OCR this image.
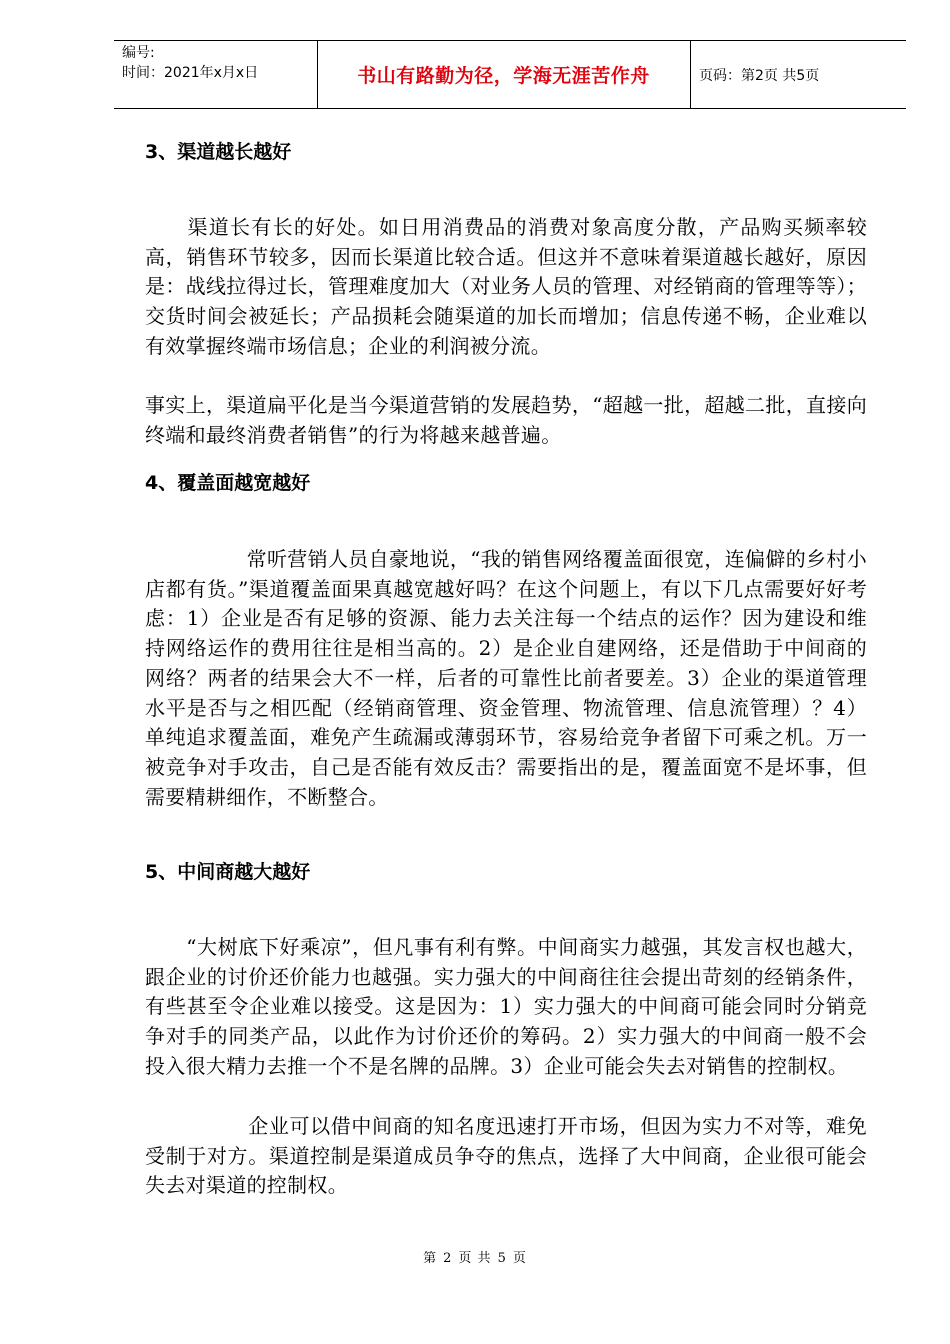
编号:
时间：2021年x月x日	书山有路勤为径，学海无涯苦作舟	页码：第2页 共5页
3、渠道越长越好
　　渠道长有长的好处。如日用消费品的消费对象高度分散，产品购买频率较高，销售环节较多，因而长渠道比较合适。但这并不意味着渠道越长越好，原因是：战线拉得过长，管理难度加大（对业务人员的管理、对经销商的管理等等）；交货时间会被延长；产品损耗会随渠道的加长而增加；信息传递不畅，企业难以有效掌握终端市场信息；企业的利润被分流。
事实上，渠道扁平化是当今渠道营销的发展趋势，“超越一批，超越二批，直接向终端和最终消费者销售”的行为将越来越普遍。
4、覆盖面越宽越好
　　　　　常听营销人员自豪地说，“我的销售网络覆盖面很宽，连偏僻的乡村小店都有货。”渠道覆盖面果真越宽越好吗？在这个问题上，有以下几点需要好好考虑：1）企业是否有足够的资源、能力去关注每一个结点的运作？因为建设和维持网络运作的费用往往是相当高的。2）是企业自建网络，还是借助于中间商的网络？两者的结果会大不一样，后者的可靠性比前者要差。3）企业的渠道管理水平是否与之相匹配（经销商管理、资金管理、物流管理、信息流管理）？4）单纯追求覆盖面，难免产生疏漏或薄弱环节，容易给竞争者留下可乘之机。万一被竞争对手攻击，自己是否能有效反击？需要指出的是，覆盖面宽不是坏事，但需要精耕细作，不断整合。
5、中间商越大越好
　　“大树底下好乘凉”，但凡事有利有弊。中间商实力越强，其发言权也越大，跟企业的讨价还价能力也越强。实力强大的中间商往往会提出苛刻的经销条件，有些甚至令企业难以接受。这是因为：1）实力强大的中间商可能会同时分销竞争对手的同类产品，以此作为讨价还价的筹码。2）实力强大的中间商一般不会投入很大精力去推一个不是名牌的品牌。3）企业可能会失去对销售的控制权。
　　　　　企业可以借中间商的知名度迅速打开市场，但因为实力不对等，难免受制于对方。渠道控制是渠道成员争夺的焦点，选择了大中间商，企业很可能会失去对渠道的控制权。
第 2 页 共 5 页
